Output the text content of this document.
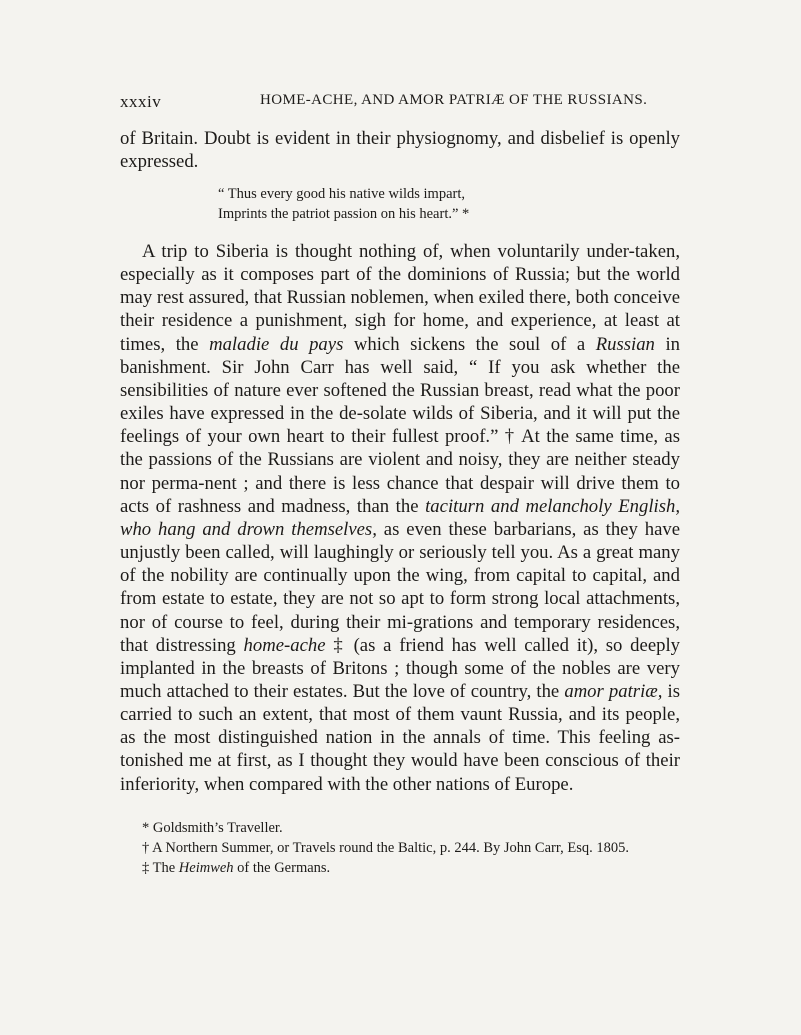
xxxiv	HOME-ACHE, AND AMOR PATRIÆ OF THE RUSSIANS.

of Britain. Doubt is evident in their physiognomy, and disbelief is openly expressed.

“ Thus every good his native wilds impart,
Imprints the patriot passion on his heart.” *
A trip to Siberia is thought nothing of, when voluntarily under-taken, especially as it composes part of the dominions of Russia; but the world may rest assured, that Russian noblemen, when exiled there, both conceive their residence a punishment, sigh for home, and experience, at least at times, the maladie du pays which sickens the soul of a Russian in banishment. Sir John Carr has well said, “ If you ask whether the sensibilities of nature ever softened the Russian breast, read what the poor exiles have expressed in the de-solate wilds of Siberia, and it will put the feelings of your own heart to their fullest proof.” † At the same time, as the passions of the Russians are violent and noisy, they are neither steady nor perma-nent ; and there is less chance that despair will drive them to acts of rashness and madness, than the taciturn and melancholy English, who hang and drown themselves, as even these barbarians, as they have unjustly been called, will laughingly or seriously tell you. As a great many of the nobility are continually upon the wing, from capital to capital, and from estate to estate, they are not so apt to form strong local attachments, nor of course to feel, during their mi-grations and temporary residences, that distressing home-ache ‡ (as a friend has well called it), so deeply implanted in the breasts of Britons ; though some of the nobles are very much attached to their estates. But the love of country, the amor patriæ, is carried to such an extent, that most of them vaunt Russia, and its people, as the most distinguished nation in the annals of time. This feeling as-tonished me at first, as I thought they would have been conscious of their inferiority, when compared with the other nations of Europe.
* Goldsmith’s Traveller.
† A Northern Summer, or Travels round the Baltic, p. 244. By John Carr, Esq. 1805.
‡ The Heimweh of the Germans.
